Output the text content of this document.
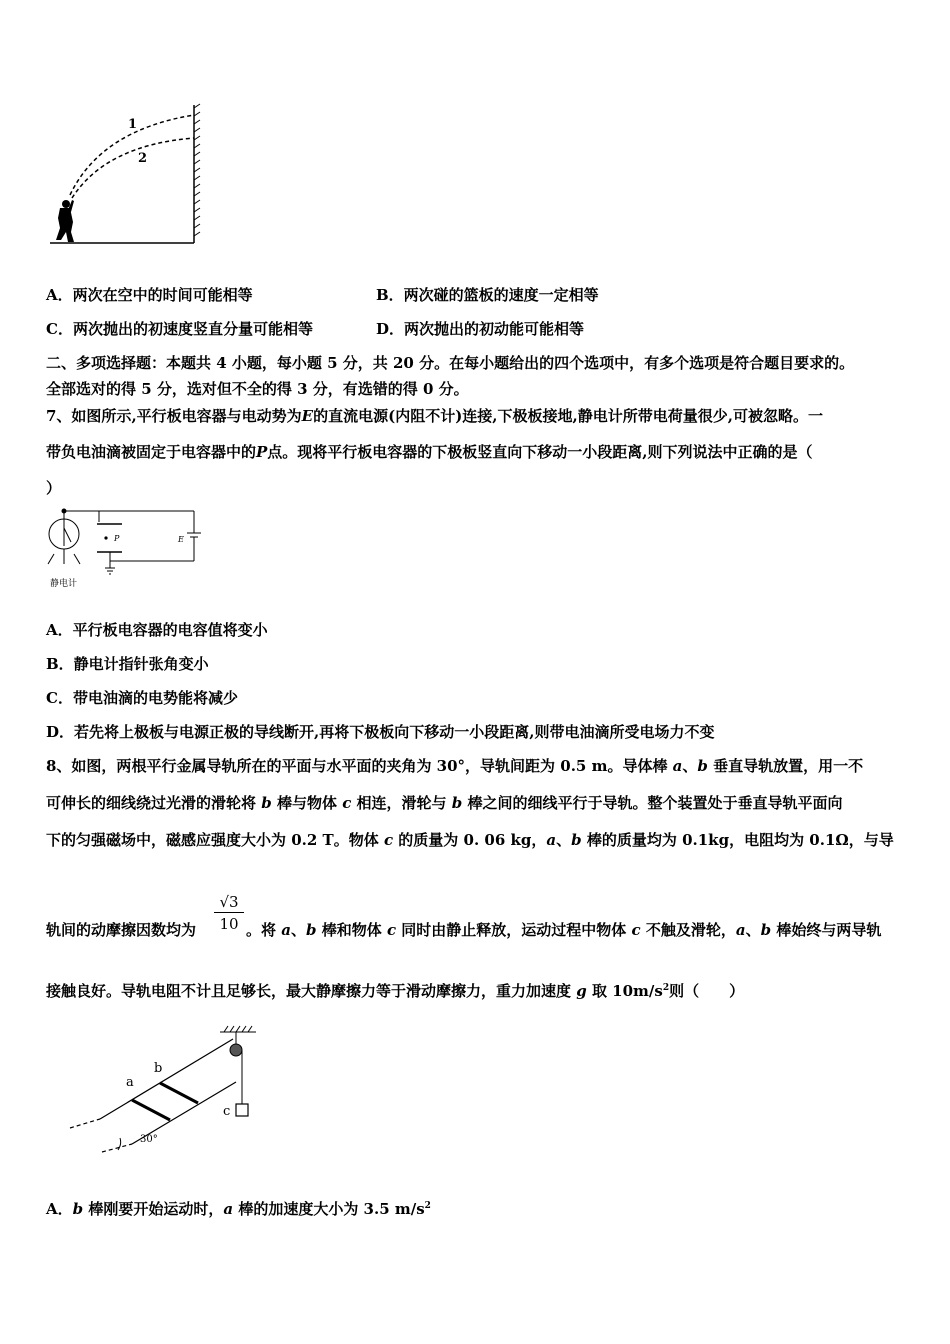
1
2
A．两次在空中的时间可能相等	B．两次碰的篮板的速度一定相等
C．两次抛出的初速度竖直分量可能相等	D．两次抛出的初动能可能相等
二、多项选择题：本题共 4 小题，每小题 5 分，共 20 分。在每小题给出的四个选项中，有多个选项是符合题目要求的。
全部选对的得 5 分，选对但不全的得 3 分，有选错的得 0 分。
7、如图所示,平行板电容器与电动势为E的直流电源(内阻不计)连接,下极板接地,静电计所带电荷量很少,可被忽略。一
带负电油滴被固定于电容器中的P点。现将平行板电容器的下极板竖直向下移动一小段距离,则下列说法中正确的是（
）
P	E
静电计
A．平行板电容器的电容值将变小
B．静电计指针张角变小
C．带电油滴的电势能将减少
D．若先将上极板与电源正极的导线断开,再将下极板向下移动一小段距离,则带电油滴所受电场力不变
8、如图，两根平行金属导轨所在的平面与水平面的夹角为 30°，导轨间距为 0.5 m。导体棒 a、b 垂直导轨放置，用一不
可伸长的细线绕过光滑的滑轮将 b 棒与物体 c 相连，滑轮与 b 棒之间的细线平行于导轨。整个装置处于垂直导轨平面向
下的匀强磁场中，磁感应强度大小为 0.2 T。物体 c 的质量为 0. 06 kg，a、b 棒的质量均为 0.1kg，电阻均为 0.1Ω，与导
$\frac{√3}{10}$
轨间的动摩擦因数均为	。将 a、b 棒和物体 c 同时由静止释放，运动过程中物体 c 不触及滑轮，a、b 棒始终与两导轨
接触良好。导轨电阻不计且足够长，最大静摩擦力等于滑动摩擦力，重力加速度 g 取 $10m/s^2$则（　　）
a
b
c
30°
A．b 棒刚要开始运动时，a 棒的加速度大小为 3.5 $m/s^2$
